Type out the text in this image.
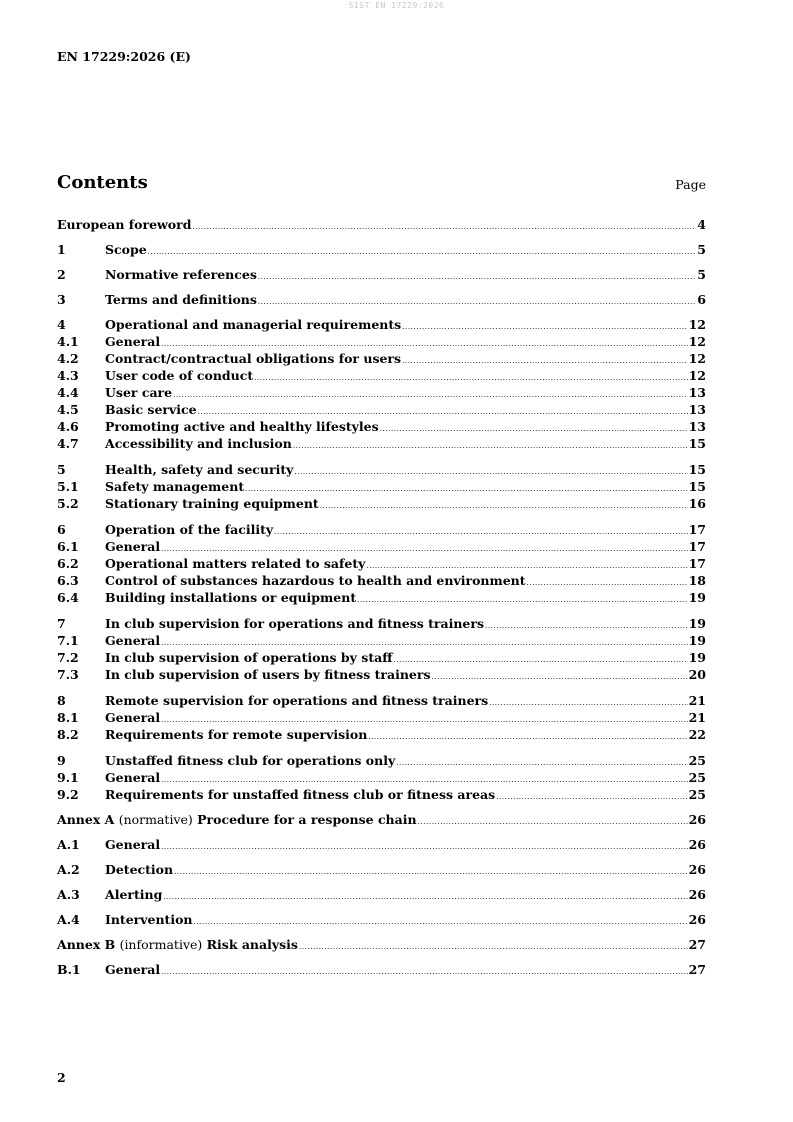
SIST EN 17229:2026
EN 17229:2026 (E)
Contents	Page
European foreword .....	4
1	Scope .....	5
2	Normative references .....	5
3	Terms and definitions .....	6
4	Operational and managerial requirements .....	12
4.1	General .....	12
4.2	Contract/contractual obligations for users .....	12
4.3	User code of conduct .....	12
4.4	User care .....	13
4.5	Basic service .....	13
4.6	Promoting active and healthy lifestyles .....	13
4.7	Accessibility and inclusion .....	15
5	Health, safety and security .....	15
5.1	Safety management .....	15
5.2	Stationary training equipment .....	16
6	Operation of the facility .....	17
6.1	General .....	17
6.2	Operational matters related to safety .....	17
6.3	Control of substances hazardous to health and environment .....	18
6.4	Building installations or equipment .....	19
7	In club supervision for operations and fitness trainers .....	19
7.1	General .....	19
7.2	In club supervision of operations by staff .....	19
7.3	In club supervision of users by fitness trainers .....	20
8	Remote supervision for operations and fitness trainers .....	21
8.1	General .....	21
8.2	Requirements for remote supervision .....	22
9	Unstaffed fitness club for operations only .....	25
9.1	General .....	25
9.2	Requirements for unstaffed fitness club or fitness areas .....	25
Annex A (normative) Procedure for a response chain .....	26
A.1	General .....	26
A.2	Detection .....	26
A.3	Alerting .....	26
A.4	Intervention .....	26
Annex B (informative) Risk analysis .....	27
B.1	General .....	27
2
